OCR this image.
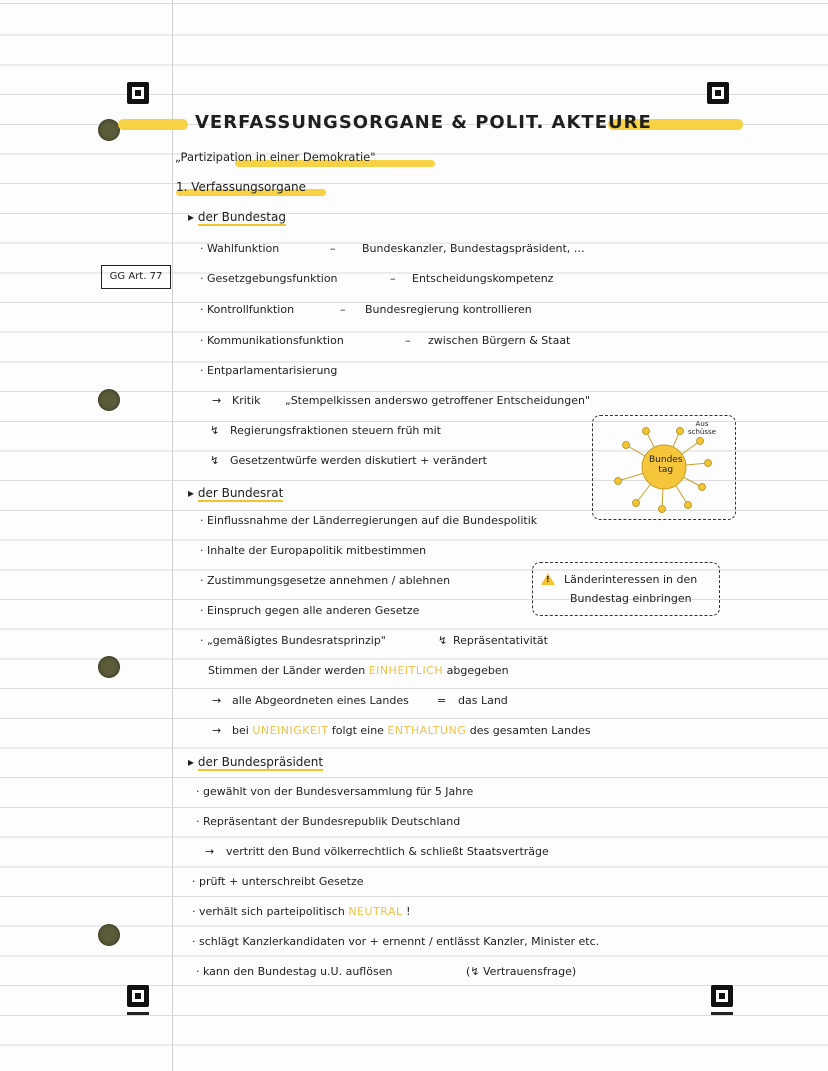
VERFASSUNGSORGANE & POLIT. AKTEURE
„Partizipation in einer Demokratie"
1. Verfassungsorgane
GG Art. 77
▸ der Bundestag
· Wahlfunktion	– Bundeskanzler, Bundestagspräsident, …
· Gesetzgebungsfunktion	– Entscheidungskompetenz
· Kontrollfunktion	– Bundesregierung kontrollieren
· Kommunikationsfunktion	– zwischen Bürgern & Staat
· Entparlamentarisierung
→ Kritik „Stempelkissen anderswo getroffener Entscheidungen"
↯ Regierungsfraktionen steuern früh mit
↯ Gesetzentwürfe werden diskutiert + verändert	Bundes
tag
Aus
schüsse
▸ der Bundesrat
· Einflussnahme der Länderregierungen auf die Bundespolitik
· Inhalte der Europapolitik mitbestimmen
· Zustimmungsgesetze annehmen / ablehnen
· Einspruch gegen alle anderen Gesetze
! Länderinteressen in den
Bundestag einbringen
· „gemäßigtes Bundesratsprinzip"	↯ Repräsentativität
Stimmen der Länder werden EINHEITLICH abgegeben
→ alle Abgeordneten eines Landes	= das Land
→ bei UNEINIGKEIT folgt eine ENTHALTUNG des gesamten Landes
▸ der Bundespräsident
· gewählt von der Bundesversammlung für 5 Jahre
· Repräsentant der Bundesrepublik Deutschland
→ vertritt den Bund völkerrechtlich & schließt Staatsverträge
· prüft + unterschreibt Gesetze
· verhält sich parteipolitisch NEUTRAL !
· schlägt Kanzlerkandidaten vor + ernennt / entlässt Kanzler, Minister etc.
· kann den Bundestag u.U. auflösen	(↯ Vertrauensfrage)
